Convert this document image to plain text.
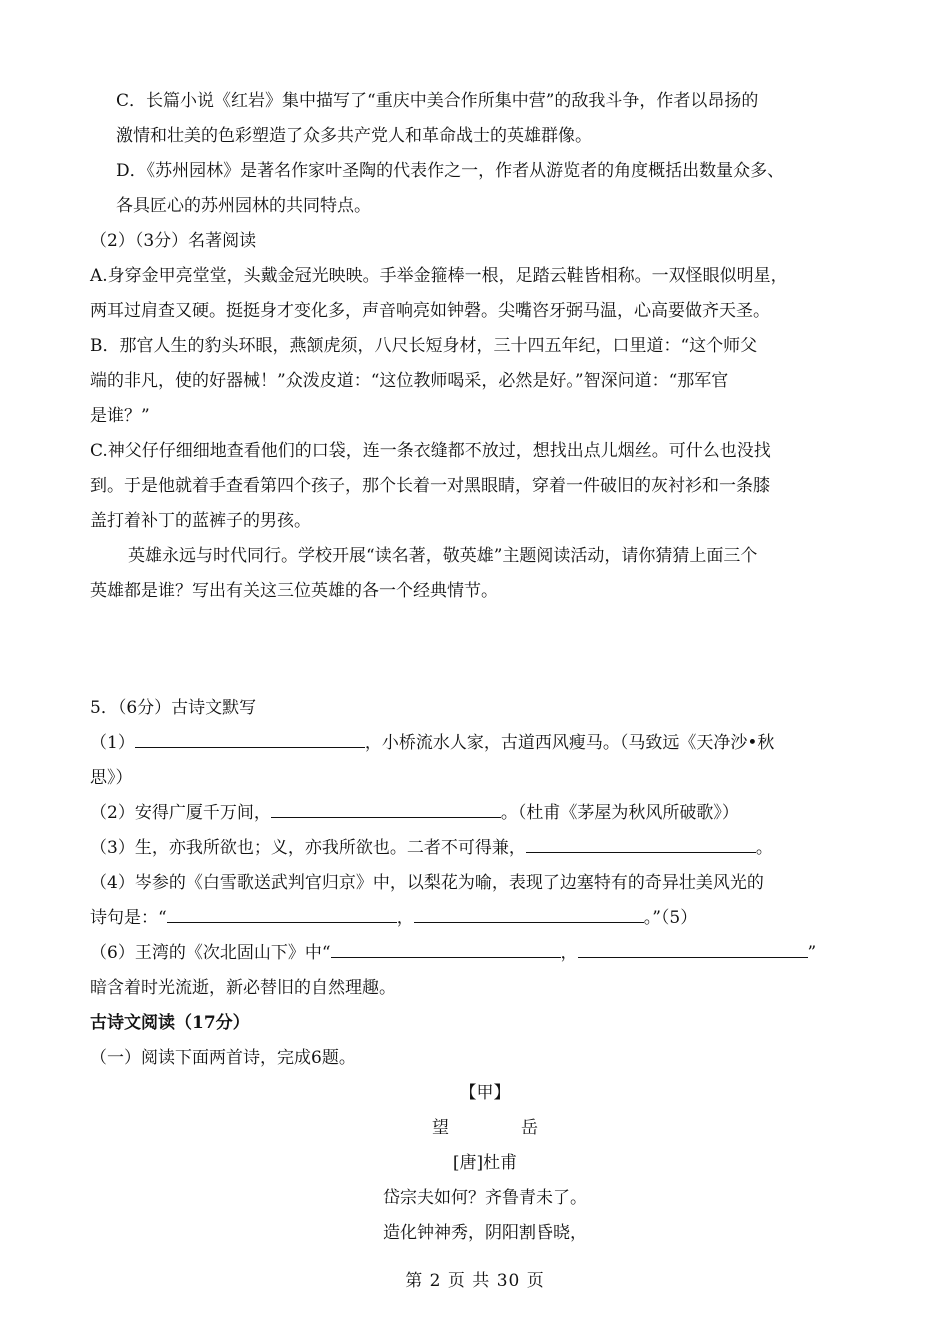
C．长篇小说《红岩》集中描写了“重庆中美合作所集中营”的敌我斗争，作者以昂扬的
激情和壮美的色彩塑造了众多共产党人和革命战士的英雄群像。
D．《苏州园林》是著名作家叶圣陶的代表作之一，作者从游览者的角度概括出数量众多、
各具匠心的苏州园林的共同特点。
（2）（3分）名著阅读
A.身穿金甲亮堂堂，头戴金冠光映映。手举金箍棒一根，足踏云鞋皆相称。一双怪眼似明星，
两耳过肩查又硬。挺挺身才变化多，声音响亮如钟磬。尖嘴咨牙弼马温，心高要做齐天圣。
B．那官人生的豹头环眼，燕颔虎须，八尺长短身材，三十四五年纪，口里道：“这个师父
端的非凡，使的好器械！”众泼皮道：“这位教师喝采，必然是好。”智深问道：“那军官
是谁？”
C.神父仔仔细细地查看他们的口袋，连一条衣缝都不放过，想找出点儿烟丝。可什么也没找
到。于是他就着手查看第四个孩子，那个长着一对黑眼睛，穿着一件破旧的灰衬衫和一条膝
盖打着补丁的蓝裤子的男孩。
英雄永远与时代同行。学校开展“读名著，敬英雄”主题阅读活动，请你猜猜上面三个
英雄都是谁？写出有关这三位英雄的各一个经典情节。
5．（6分）古诗文默写
（1）	，小桥流水人家，古道西风瘦马。（马致远《天净沙•秋
思》）
（2）安得广厦千万间，	。（杜甫《茅屋为秋风所破歌》）
（3）生，亦我所欲也；义，亦我所欲也。二者不可得兼，	。
（4）岑参的《白雪歌送武判官归京》中，以梨花为喻，表现了边塞特有的奇异壮美风光的
诗句是：“	，	。”（5）
（6）王湾的《次北固山下》中“	，	”
暗含着时光流逝，新必替旧的自然理趣。
古诗文阅读（17分）
（一）阅读下面两首诗，完成6题。
【甲】
望	岳
[唐]杜甫
岱宗夫如何？齐鲁青未了。
造化钟神秀，阴阳割昏晓，
第 2 页 共 30 页
